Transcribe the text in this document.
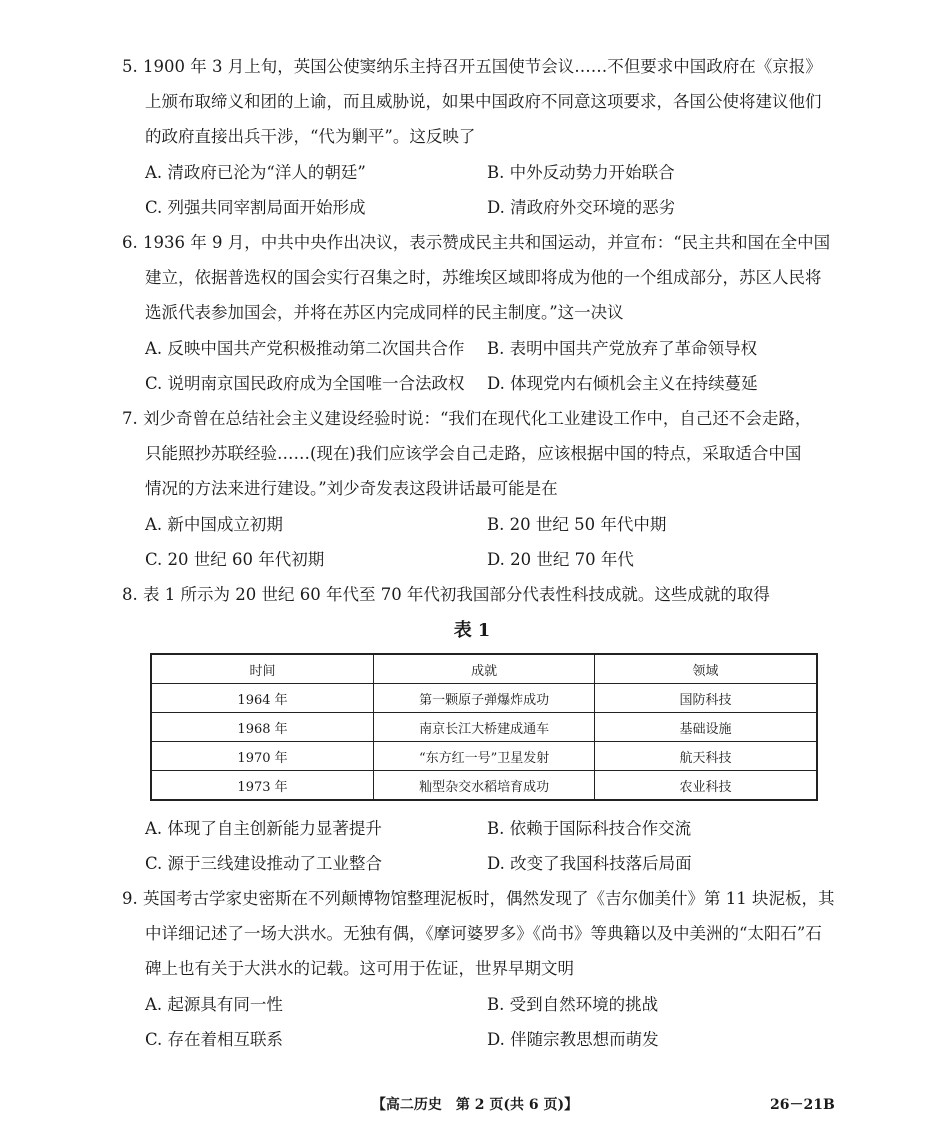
5. 1900 年 3 月上旬，英国公使窦纳乐主持召开五国使节会议……不但要求中国政府在《京报》
上颁布取缔义和团的上谕，而且威胁说，如果中国政府不同意这项要求，各国公使将建议他们
的政府直接出兵干涉，“代为剿平”。这反映了
A. 清政府已沦为“洋人的朝廷”	B. 中外反动势力开始联合
C. 列强共同宰割局面开始形成	D. 清政府外交环境的恶劣
6. 1936 年 9 月，中共中央作出决议，表示赞成民主共和国运动，并宣布：“民主共和国在全中国
建立，依据普选权的国会实行召集之时，苏维埃区域即将成为他的一个组成部分，苏区人民将
选派代表参加国会，并将在苏区内完成同样的民主制度。”这一决议
A. 反映中国共产党积极推动第二次国共合作 B. 表明中国共产党放弃了革命领导权
C. 说明南京国民政府成为全国唯一合法政权 D. 体现党内右倾机会主义在持续蔓延
7. 刘少奇曾在总结社会主义建设经验时说：“我们在现代化工业建设工作中，自己还不会走路，
只能照抄苏联经验……(现在)我们应该学会自己走路，应该根据中国的特点，采取适合中国
情况的方法来进行建设。”刘少奇发表这段讲话最可能是在
A. 新中国成立初期	B. 20 世纪 50 年代中期
C. 20 世纪 60 年代初期	D. 20 世纪 70 年代
8. 表 1 所示为 20 世纪 60 年代至 70 年代初我国部分代表性科技成就。这些成就的取得
表1
时间	成就	领域
1964 年	第一颗原子弹爆炸成功	国防科技
1968 年	南京长江大桥建成通车	基础设施
1970 年	“东方红一号”卫星发射	航天科技
1973 年	籼型杂交水稻培育成功	农业科技
A. 体现了自主创新能力显著提升	B. 依赖于国际科技合作交流
C. 源于三线建设推动了工业整合	D. 改变了我国科技落后局面
9. 英国考古学家史密斯在不列颠博物馆整理泥板时，偶然发现了《吉尔伽美什》第 11 块泥板，其
中详细记述了一场大洪水。无独有偶，《摩诃婆罗多》《尚书》等典籍以及中美洲的“太阳石”石
碑上也有关于大洪水的记载。这可用于佐证，世界早期文明
A. 起源具有同一性	B. 受到自然环境的挑战
C. 存在着相互联系	D. 伴随宗教思想而萌发
【高二历史　第 2 页(共 6 页)】	26－21B
